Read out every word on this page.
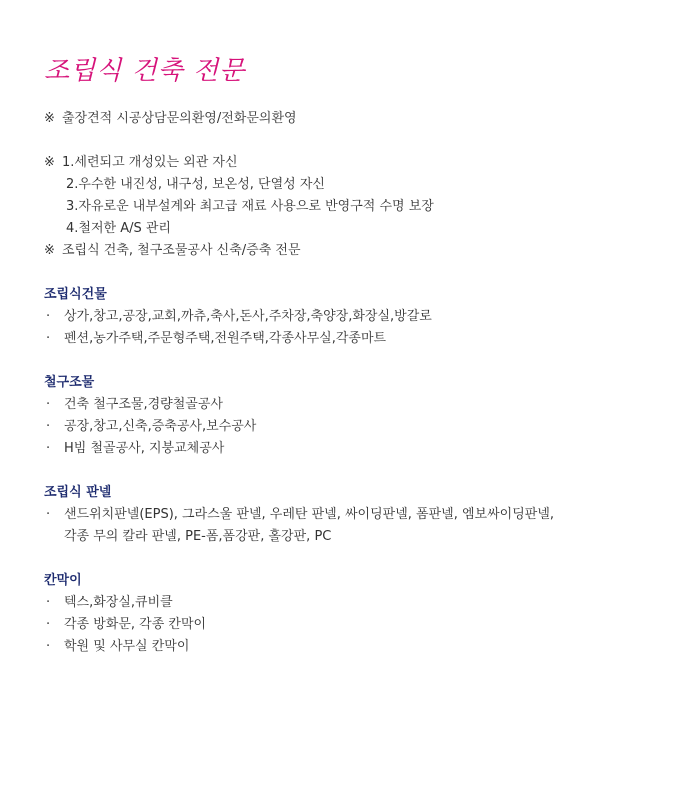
조립식 건축 전문
※ 출장견적 시공상담문의환영/전화문의환영
※ 1.세련되고 개성있는 외관 자신
2.우수한 내진성, 내구성, 보온성, 단열성 자신
3.자유로운 내부설계와 최고급 재료 사용으로 반영구적 수명 보장
4.철저한 A/S 관리
※ 조립식 건축, 철구조물공사 신축/증축 전문
조립식건물
· 상가,창고,공장,교회,까츄,축사,돈사,주차장,축양장,화장실,방갈로
· 펜션,농가주택,주문형주택,전원주택,각종사무실,각종마트
철구조물
· 건축 철구조물,경량철골공사
· 공장,창고,신축,증축공사,보수공사
· H빔 철골공사, 지붕교체공사
조립식 판넬
· 샌드위치판넬(EPS), 그라스울 판넬, 우레탄 판넬, 싸이딩판넬, 폼판넬, 엠보싸이딩판넬,
각종 무의 칼라 판넬, PE-폼,폼강판, 홀강판, PC
칸막이
· 텍스,화장실,큐비클
· 각종 방화문, 각종 칸막이
· 학원 및 사무실 칸막이
